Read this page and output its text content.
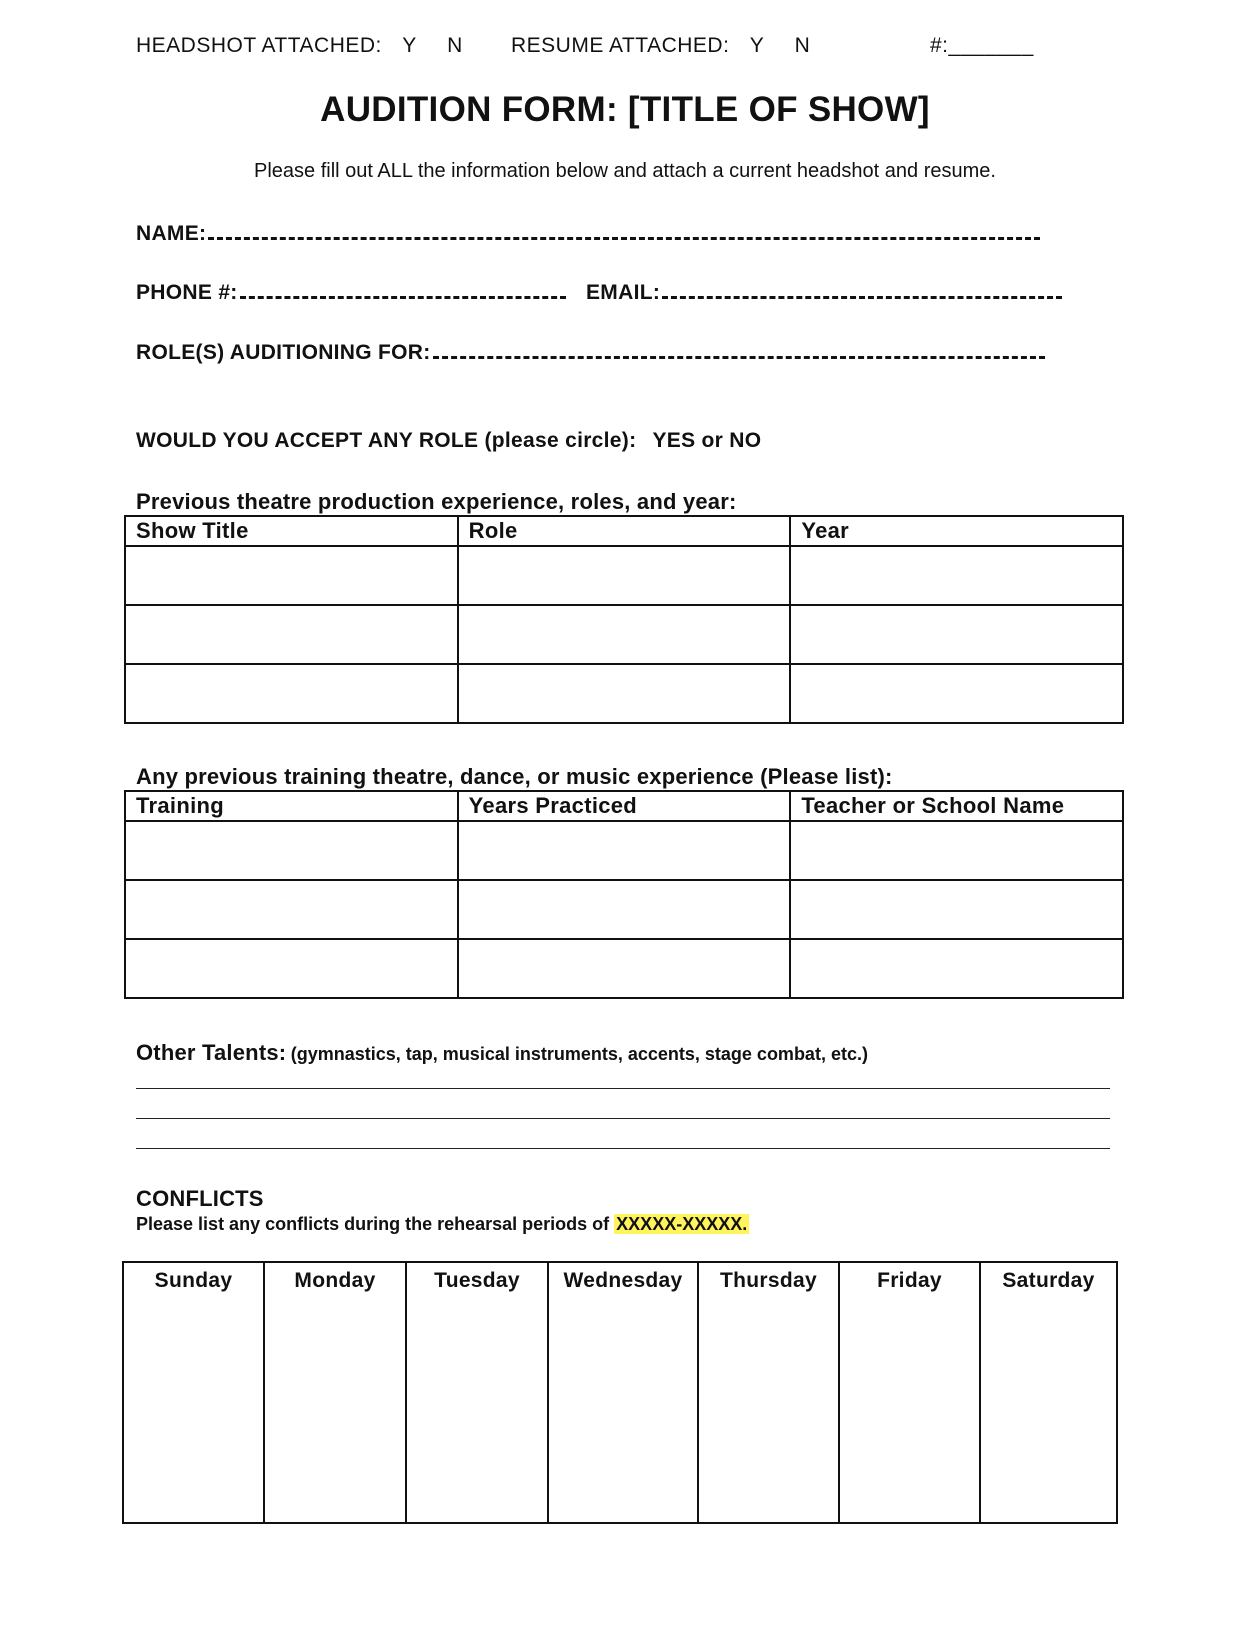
HEADSHOT ATTACHED: Y N RESUME ATTACHED: Y N	#:_______
AUDITION FORM: [TITLE OF SHOW]
Please fill out ALL the information below and attach a current headshot and resume.
NAME:
PHONE #:	EMAIL:
ROLE(S) AUDITIONING FOR:
WOULD YOU ACCEPT ANY ROLE (please circle): YES or NO
Previous theatre production experience, roles, and year:
Show Title	Role	Year

Any previous training theatre, dance, or music experience (Please list):
Training	Years Practiced	Teacher or School Name

Other Talents: (gymnastics, tap, musical instruments, accents, stage combat, etc.)
CONFLICTS
Please list any conflicts during the rehearsal periods of XXXXX-XXXXX.
Sunday	Monday	Tuesday	Wednesday	Thursday	Friday	Saturday
